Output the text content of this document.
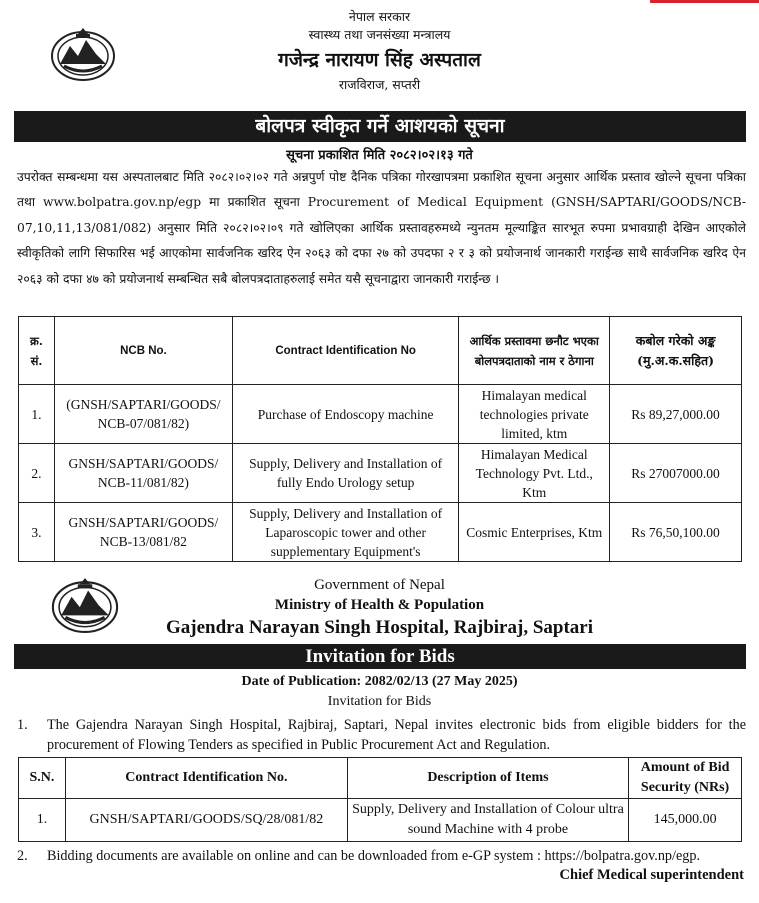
नेपाल सरकार
स्वास्थ्य तथा जनसंख्या मन्त्रालय
गजेन्द्र नारायण सिंह अस्पताल
राजविराज, सप्तरी
बोलपत्र स्वीकृत गर्ने आशयको सूचना
सूचना प्रकाशित मिति २०८२।०२।१३ गते
उपरोक्त सम्बन्धमा यस अस्पतालबाट मिति २०८२।०२।०२ गते अन्नपुर्ण पोष्ट दैनिक पत्रिका गोरखापत्रमा प्रकाशित सूचना अनुसार आर्थिक प्रस्ताव खोल्ने सूचना पत्रिका तथा www.bolpatra.gov.np/egp मा प्रकाशित सूचना Procurement of Medical Equipment (GNSH/SAPTARI/GOODS/NCB-07,10,11,13/081/082) अनुसार मिति २०८२।०२।०९ गते खोलिएका आर्थिक प्रस्तावहरुमध्ये न्युनतम मूल्याङ्कित सारभूत रुपमा प्रभावग्राही देखिन आएकोले स्वीकृतिको लागि सिफारिस भई आएकोमा सार्वजनिक खरिद ऐन २०६३ को दफा २७ को उपदफा २ र ३ को प्रयोजनार्थ जानकारी गराईन्छ साथै सार्वजनिक खरिद ऐन २०६३ को दफा ४७ को प्रयोजनार्थ सम्बन्धित सबै बोलपत्रदाताहरुलाई समेत यसै सूचनाद्वारा जानकारी गराईन्छ ।
क्र. सं.	NCB No.	Contract Identification No	आर्थिक प्रस्तावमा छनौट भएका बोलपत्रदाताको नाम र ठेगाना	कबोल गरेको अङ्क (मु.अ.क.सहित)
1.	(GNSH/SAPTARI/GOODS/ NCB-07/081/82)	Purchase of Endoscopy machine	Himalayan medical technologies private limited, ktm	Rs 89,27,000.00
2.	GNSH/SAPTARI/GOODS/ NCB-11/081/82)	Supply, Delivery and Installation of fully Endo Urology setup	Himalayan Medical Technology Pvt. Ltd., Ktm	Rs 27007000.00
3.	GNSH/SAPTARI/GOODS/ NCB-13/081/82	Supply, Delivery and Installation of Laparoscopic tower and other supplementary Equipment's	Cosmic Enterprises, Ktm	Rs 76,50,100.00
Government of Nepal
Ministry of Health & Population
Gajendra Narayan Singh Hospital, Rajbiraj, Saptari
Invitation for Bids
Date of Publication: 2082/02/13 (27 May 2025)
Invitation for Bids
1. The Gajendra Narayan Singh Hospital, Rajbiraj, Saptari, Nepal invites electronic bids from eligible bidders for the procurement of Flowing Tenders as specified in Public Procurement Act and Regulation.
S.N.	Contract Identification No.	Description of Items	Amount of Bid Security (NRs)
1.	GNSH/SAPTARI/GOODS/SQ/28/081/82	Supply, Delivery and Installation of Colour ultra sound Machine with 4 probe	145,000.00
2. Bidding documents are available on online and can be downloaded from e-GP system : https://bolpatra.gov.np/egp.
Chief Medical superintendent
